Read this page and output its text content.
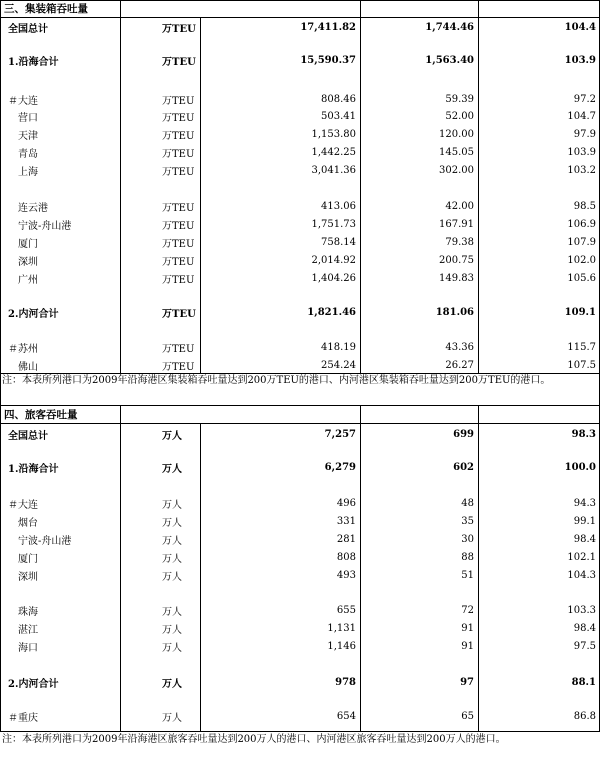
三、集装箱吞吐量
全国总计	万TEU	17,411.82	1,744.46	104.4
1.沿海合计	万TEU	15,590.37	1,563.40	103.9
＃大连	万TEU	808.46	59.39	97.2
营口	万TEU	503.41	52.00	104.7
天津	万TEU	1,153.80	120.00	97.9
青岛	万TEU	1,442.25	145.05	103.9
上海	万TEU	3,041.36	302.00	103.2
连云港	万TEU	413.06	42.00	98.5
宁波-舟山港	万TEU	1,751.73	167.91	106.9
厦门	万TEU	758.14	79.38	107.9
深圳	万TEU	2,014.92	200.75	102.0
广州	万TEU	1,404.26	149.83	105.6
2.内河合计	万TEU	1,821.46	181.06	109.1
＃苏州	万TEU	418.19	43.36	115.7
佛山	万TEU	254.24	26.27	107.5
注：本表所列港口为2009年沿海港区集装箱吞吐量达到200万TEU的港口、内河港区集装箱吞吐量达到200万TEU的港口。
四、旅客吞吐量
全国总计	万人	7,257	699	98.3
1.沿海合计	万人	6,279	602	100.0
＃大连	万人	496	48	94.3
烟台	万人	331	35	99.1
宁波-舟山港	万人	281	30	98.4
厦门	万人	808	88	102.1
深圳	万人	493	51	104.3
珠海	万人	655	72	103.3
湛江	万人	1,131	91	98.4
海口	万人	1,146	91	97.5
2.内河合计	万人	978	97	88.1
＃重庆	万人	654	65	86.8
注：本表所列港口为2009年沿海港区旅客吞吐量达到200万人的港口、内河港区旅客吞吐量达到200万人的港口。
